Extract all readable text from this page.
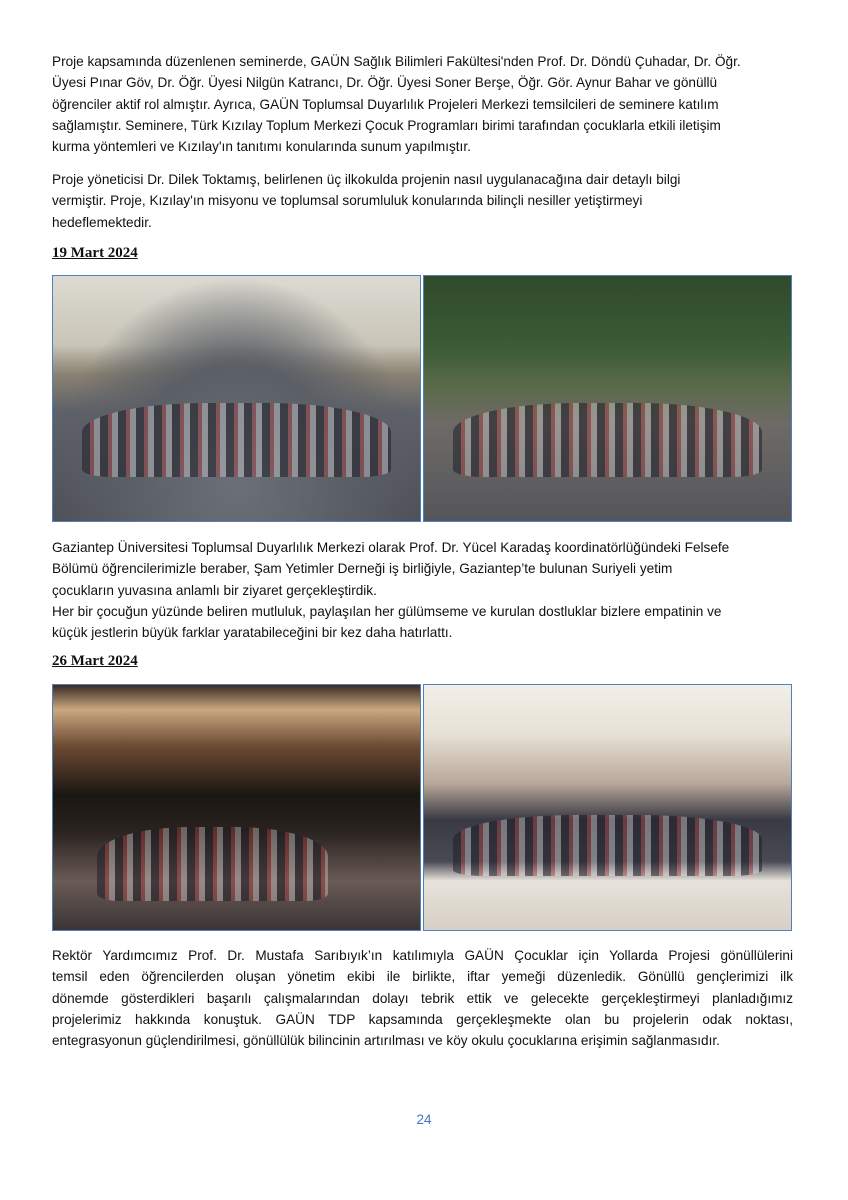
Proje kapsamında düzenlenen seminerde, GAÜN Sağlık Bilimleri Fakültesi'nden Prof. Dr. Döndü Çuhadar, Dr. Öğr.
Üyesi Pınar Göv, Dr. Öğr. Üyesi Nilgün Katrancı, Dr. Öğr. Üyesi Soner Berşe, Öğr. Gör. Aynur Bahar ve gönüllü
öğrenciler aktif rol almıştır. Ayrıca, GAÜN Toplumsal Duyarlılık Projeleri Merkezi temsilcileri de seminere katılım
sağlamıştır. Seminere, Türk Kızılay Toplum Merkezi Çocuk Programları birimi tarafından çocuklarla etkili iletişim
kurma yöntemleri ve Kızılay'ın tanıtımı konularında sunum yapılmıştır.
Proje yöneticisi Dr. Dilek Toktamış, belirlenen üç ilkokulda projenin nasıl uygulanacağına dair detaylı bilgi
vermiştir. Proje, Kızılay'ın misyonu ve toplumsal sorumluluk konularında bilinçli nesiller yetiştirmeyi
hedeflemektedir.
19 Mart 2024
Gaziantep Üniversitesi Toplumsal Duyarlılık Merkezi olarak Prof. Dr. Yücel Karadaş koordinatörlüğündeki Felsefe
Bölümü öğrencilerimizle beraber, Şam Yetimler Derneği iş birliğiyle, Gaziantep’te bulunan Suriyeli yetim
çocukların yuvasına anlamlı bir ziyaret gerçekleştirdik.
Her bir çocuğun yüzünde beliren mutluluk, paylaşılan her gülümseme ve kurulan dostluklar bizlere empatinin ve
küçük jestlerin büyük farklar yaratabileceğini bir kez daha hatırlattı.
26 Mart 2024
Rektör Yardımcımız Prof. Dr. Mustafa Sarıbıyık’ın katılımıyla GAÜN Çocuklar için Yollarda Projesi gönüllülerini
temsil eden öğrencilerden oluşan yönetim ekibi ile birlikte, iftar yemeği düzenledik. Gönüllü gençlerimizi ilk
dönemde gösterdikleri başarılı çalışmalarından dolayı tebrik ettik ve gelecekte gerçekleştirmeyi planladığımız
projelerimiz hakkında konuştuk. GAÜN TDP kapsamında gerçekleşmekte olan bu projelerin odak noktası,
entegrasyonun güçlendirilmesi, gönüllülük bilincinin artırılması ve köy okulu çocuklarına erişimin sağlanmasıdır.
24
